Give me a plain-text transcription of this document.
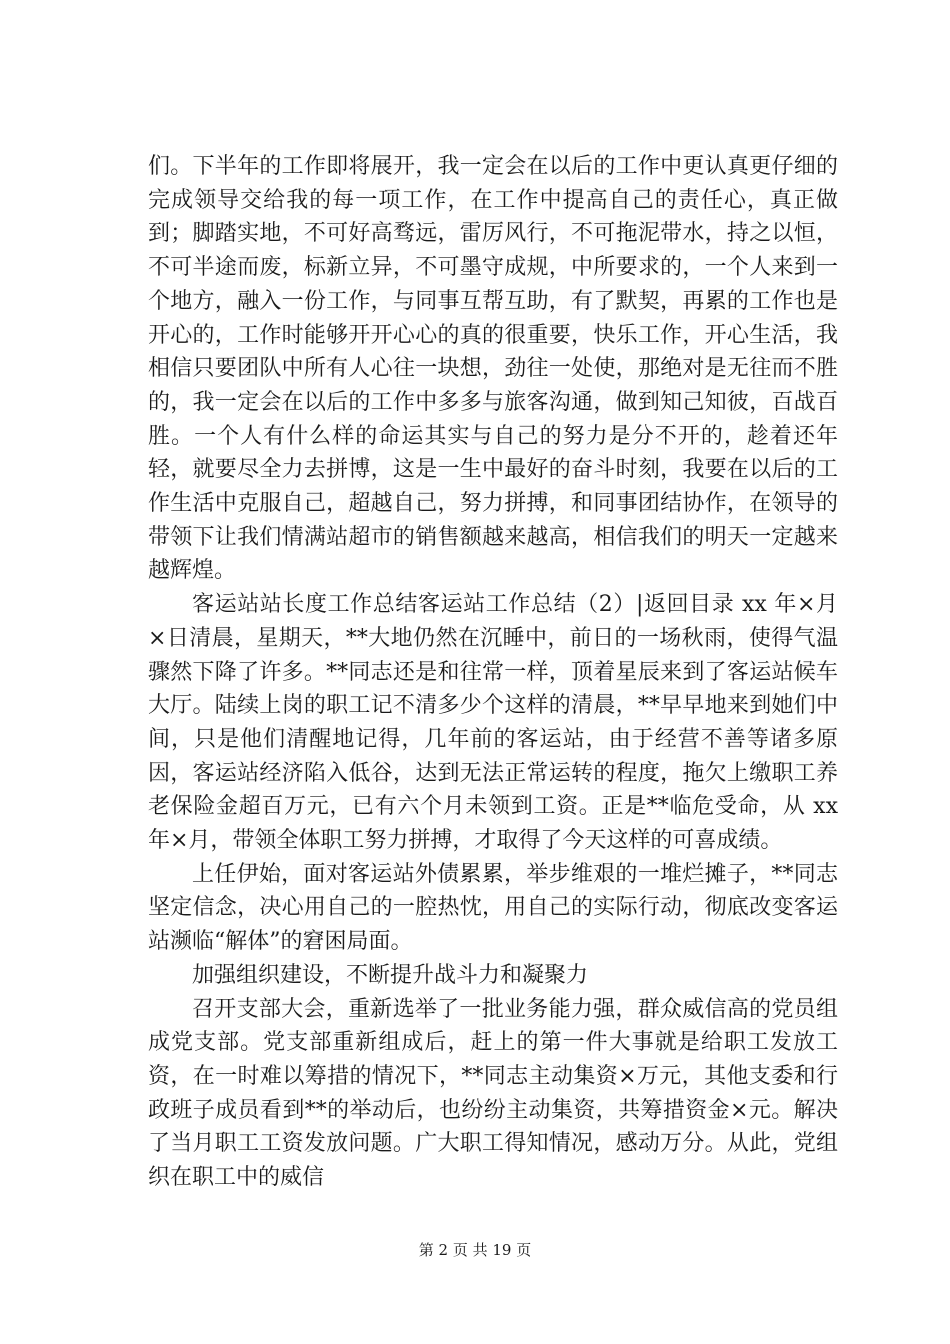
们。下半年的工作即将展开，我一定会在以后的工作中更认真更仔细的完成领导交给我的每一项工作，在工作中提高自己的责任心，真正做到；脚踏实地，不可好高骛远，雷厉风行，不可拖泥带水，持之以恒，不可半途而废，标新立异，不可墨守成规，中所要求的，一个人来到一个地方，融入一份工作，与同事互帮互助，有了默契，再累的工作也是开心的，工作时能够开开心心的真的很重要，快乐工作，开心生活，我相信只要团队中所有人心往一块想，劲往一处使，那绝对是无往而不胜的，我一定会在以后的工作中多多与旅客沟通，做到知己知彼，百战百胜。一个人有什么样的命运其实与自己的努力是分不开的，趁着还年轻，就要尽全力去拼博，这是一生中最好的奋斗时刻，我要在以后的工作生活中克服自己，超越自己，努力拼搏，和同事团结协作，在领导的带领下让我们情满站超市的销售额越来越高，相信我们的明天一定越来越辉煌。

客运站站长度工作总结客运站工作总结（2）|返回目录 xx 年×月×日清晨，星期天，**大地仍然在沉睡中，前日的一场秋雨，使得气温骤然下降了许多。**同志还是和往常一样，顶着星辰来到了客运站候车大厅。陆续上岗的职工记不清多少个这样的清晨，**早早地来到她们中间，只是他们清醒地记得，几年前的客运站，由于经营不善等诸多原因，客运站经济陷入低谷，达到无法正常运转的程度，拖欠上缴职工养老保险金超百万元，已有六个月未领到工资。正是**临危受命，从 xx 年×月，带领全体职工努力拼搏，才取得了今天这样的可喜成绩。

上任伊始，面对客运站外债累累，举步维艰的一堆烂摊子，**同志坚定信念，决心用自己的一腔热忱，用自己的实际行动，彻底改变客运站濒临“解体”的窘困局面。

加强组织建设，不断提升战斗力和凝聚力

召开支部大会，重新选举了一批业务能力强，群众威信高的党员组成党支部。党支部重新组成后，赶上的第一件大事就是给职工发放工资，在一时难以筹措的情况下，**同志主动集资×万元，其他支委和行政班子成员看到**的举动后，也纷纷主动集资，共筹措资金×元。解决了当月职工工资发放问题。广大职工得知情况，感动万分。从此，党组织在职工中的威信

第 2 页 共 19 页
